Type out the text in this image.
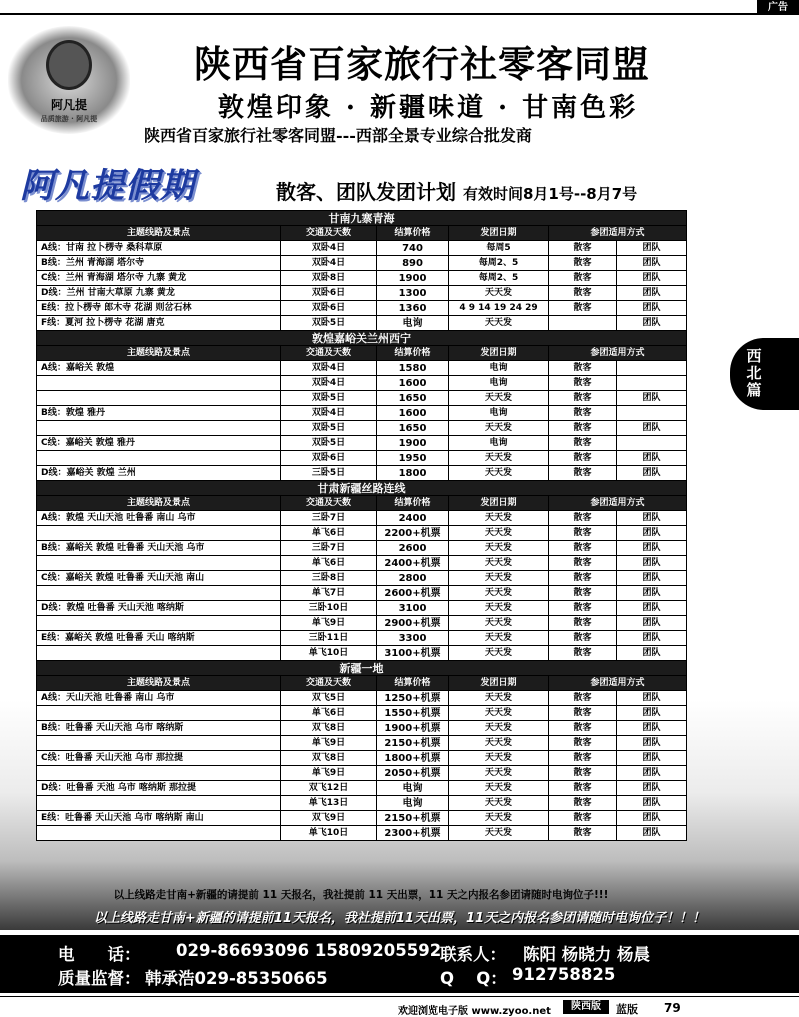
广告
阿凡提
品质旅游 · 阿凡提
陕西省百家旅行社零客同盟
敦煌印象 · 新疆味道 · 甘南色彩
陕西省百家旅行社零客同盟---西部全景专业综合批发商
阿凡提假期	散客、团队发团计划 有效时间8月1号--8月7号
西北篇
甘南九寨青海					
主题线路及景点	交通及天数	结算价格	发团日期	参团适用方式	
A线：甘南 拉卜楞寺 桑科草原	双卧4日	740	每周5	散客	团队
B线：兰州 青海湖 塔尔寺	双卧4日	890	每周2、5	散客	团队
C线：兰州 青海湖 塔尔寺 九寨 黄龙	双卧8日	1900	每周2、5	散客	团队
D线：兰州 甘南大草原 九寨 黄龙	双卧6日	1300	天天发	散客	团队
E线：拉卜楞寺 郎木寺 花湖 则岔石林	双卧6日	1360	4 9 14 19 24 29	散客	团队
F线：夏河 拉卜楞寺 花湖 唐克	双卧5日	电询	天天发		团队
敦煌嘉峪关兰州西宁					
主题线路及景点	交通及天数	结算价格	发团日期	参团适用方式	
A线：嘉峪关 敦煌	双卧4日	1580	电询	散客	
	双卧4日	1600	电询	散客	
	双卧5日	1650	天天发	散客	团队
B线：敦煌 雅丹	双卧4日	1600	电询	散客	
	双卧5日	1650	天天发	散客	团队
C线：嘉峪关 敦煌 雅丹	双卧5日	1900	电询	散客	
	双卧6日	1950	天天发	散客	团队
D线：嘉峪关 敦煌 兰州	三卧5日	1800	天天发	散客	团队
甘肃新疆丝路连线					
主题线路及景点	交通及天数	结算价格	发团日期	参团适用方式	
A线：敦煌 天山天池 吐鲁番 南山 乌市	三卧7日	2400	天天发	散客	团队
	单飞6日	2200+机票	天天发	散客	团队
B线：嘉峪关 敦煌 吐鲁番 天山天池 乌市	三卧7日	2600	天天发	散客	团队
	单飞6日	2400+机票	天天发	散客	团队
C线：嘉峪关 敦煌 吐鲁番 天山天池 南山	三卧8日	2800	天天发	散客	团队
	单飞7日	2600+机票	天天发	散客	团队
D线：敦煌 吐鲁番 天山天池 喀纳斯	三卧10日	3100	天天发	散客	团队
	单飞9日	2900+机票	天天发	散客	团队
E线：嘉峪关 敦煌 吐鲁番 天山 喀纳斯	三卧11日	3300	天天发	散客	团队
	单飞10日	3100+机票	天天发	散客	团队
新疆一地					
主题线路及景点	交通及天数	结算价格	发团日期	参团适用方式	
A线：天山天池 吐鲁番 南山 乌市	双飞5日	1250+机票	天天发	散客	团队
	单飞6日	1550+机票	天天发	散客	团队
B线：吐鲁番 天山天池 乌市 喀纳斯	双飞8日	1900+机票	天天发	散客	团队
	单飞9日	2150+机票	天天发	散客	团队
C线：吐鲁番 天山天池 乌市 那拉提	双飞8日	1800+机票	天天发	散客	团队
	单飞9日	2050+机票	天天发	散客	团队
D线：吐鲁番 天池 乌市 喀纳斯 那拉提	双飞12日	电询	天天发	散客	团队
	单飞13日	电询	天天发	散客	团队
E线：吐鲁番 天山天池 乌市 喀纳斯 南山	双飞9日	2150+机票	天天发	散客	团队
	单飞10日	2300+机票	天天发	散客	团队
以上线路走甘南+新疆的请提前 11 天报名，我社提前 11 天出票，11 天之内报名参团请随时电询位子!!!
以上线路走甘南+新疆的请提前11天报名，我社提前11天出票，11天之内报名参团请随时电询位子！！！
电　　话： 029-86693096 15809205592
联系人： 陈阳 杨晓力 杨晨
质量监督： 韩承浩029-85350665	Q　 Q： 912758825
欢迎浏览电子版 www.zyoo.net	陕西版	蓝版 79
